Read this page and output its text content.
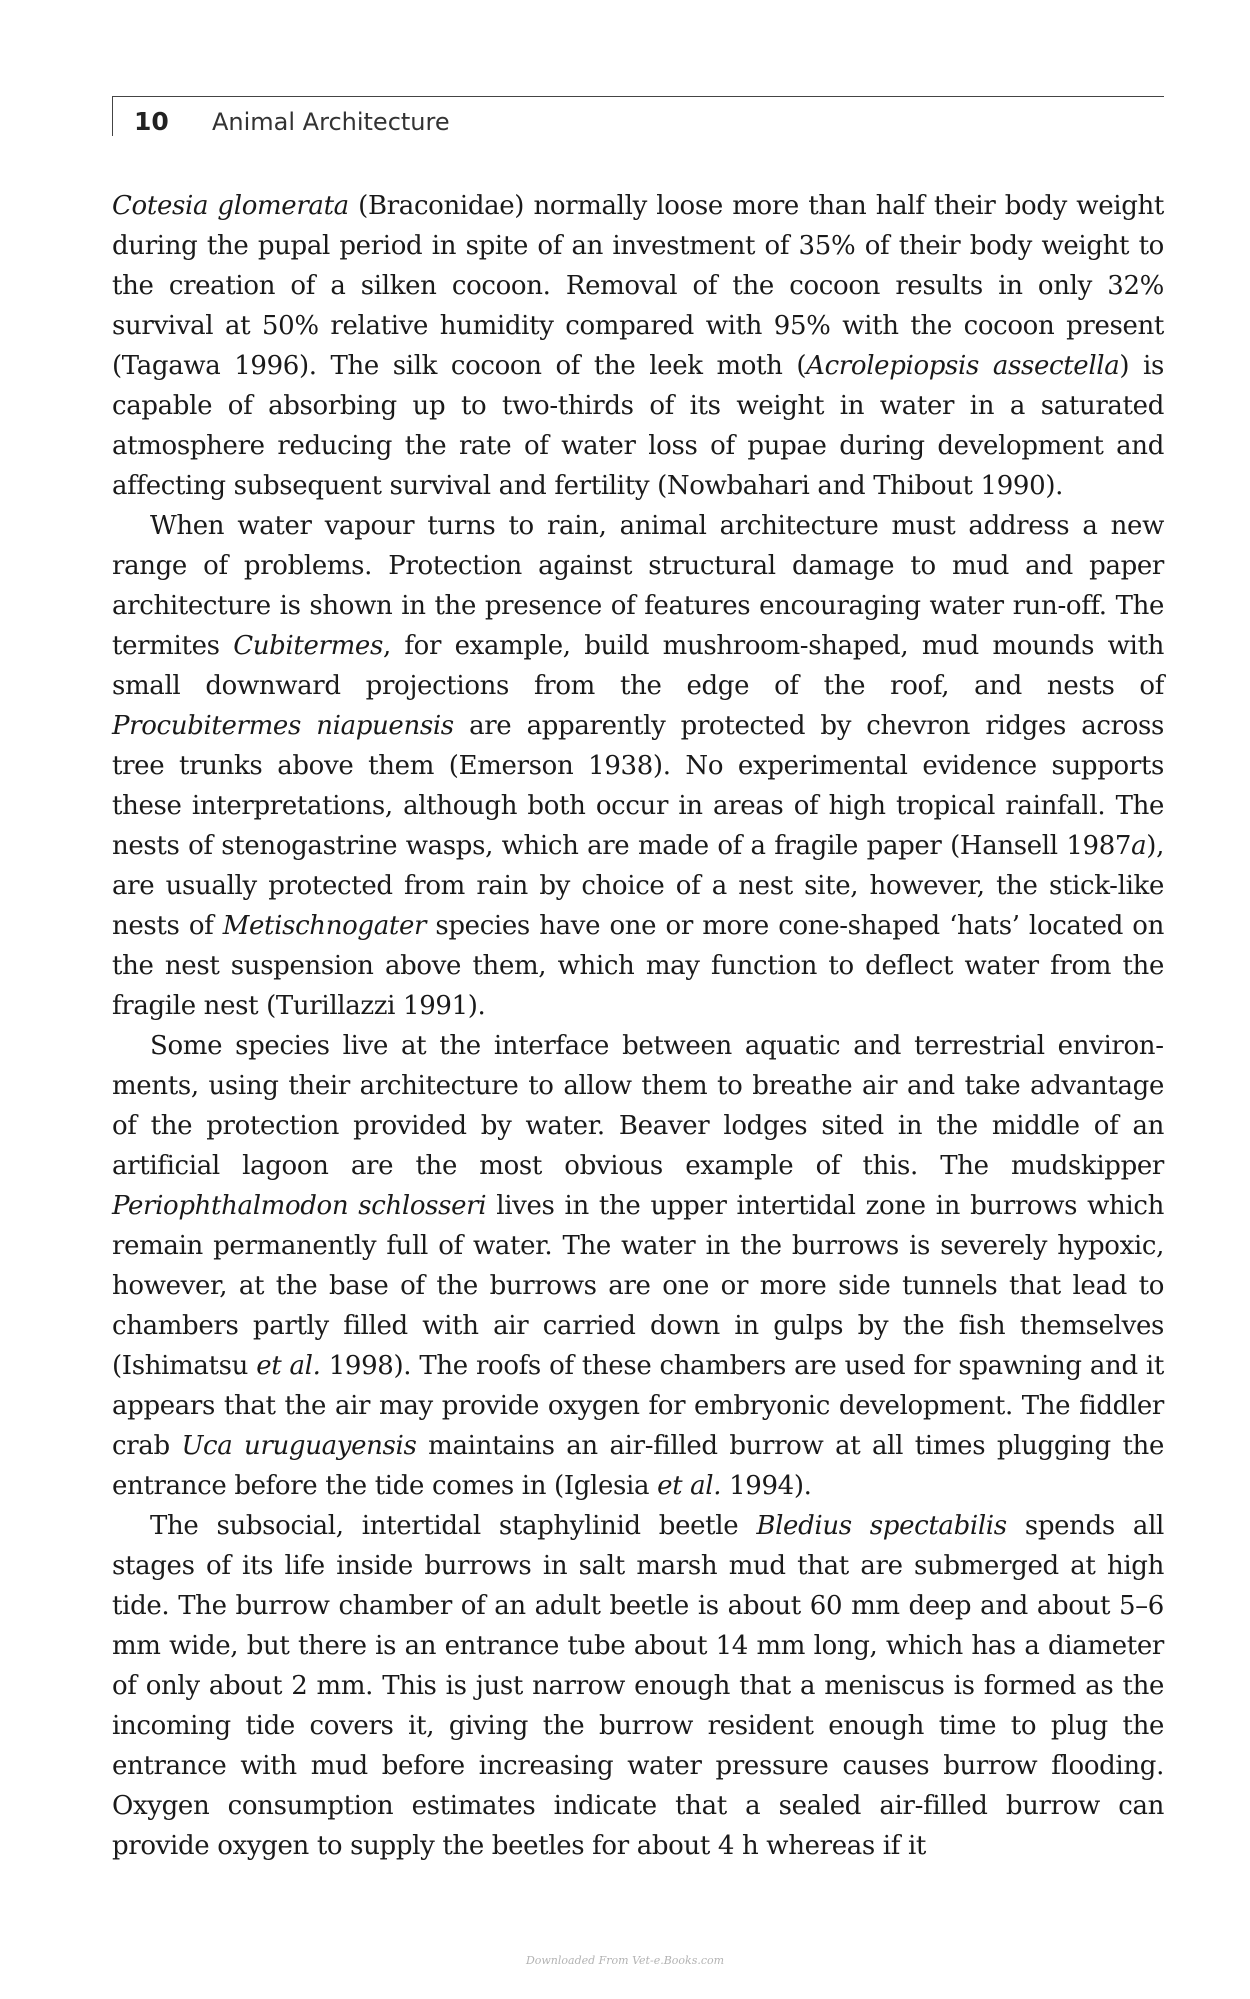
10 Animal Architecture

Cotesia glomerata (Braconidae) normally loose more than half their body weight during the pupal period in spite of an investment of 35% of their body weight to the creation of a silken cocoon. Removal of the cocoon results in only 32% survival at 50% relative humidity compared with 95% with the cocoon present (Tagawa 1996). The silk cocoon of the leek moth (Acrolepiopsis assectella) is capable of absorbing up to two-thirds of its weight in water in a saturated atmosphere reducing the rate of water loss of pupae during development and affecting subsequent survival and fertility (Nowbahari and Thibout 1990).

When water vapour turns to rain, animal architecture must address a new range of problems. Protection against structural damage to mud and paper architecture is shown in the presence of features encouraging water run-off. The termites Cubitermes, for example, build mushroom-shaped, mud mounds with small downward projections from the edge of the roof, and nests of Procubitermes niapuensis are apparently protected by chevron ridges across tree trunks above them (Emerson 1938). No experimental evidence supports these interpretations, although both occur in areas of high tropical rainfall. The nests of stenogastrine wasps, which are made of a fragile paper (Hansell 1987a), are usually protected from rain by choice of a nest site, however, the stick-like nests of Metischnogater species have one or more cone-shaped ‘hats’ located on the nest suspension above them, which may function to deflect water from the fragile nest (Turillazzi 1991).

Some species live at the interface between aquatic and terrestrial environments, using their architecture to allow them to breathe air and take advantage of the protection provided by water. Beaver lodges sited in the middle of an artificial lagoon are the most obvious example of this. The mudskipper Periophthalmodon schlosseri lives in the upper intertidal zone in burrows which remain permanently full of water. The water in the burrows is severely hypoxic, however, at the base of the burrows are one or more side tunnels that lead to chambers partly filled with air carried down in gulps by the fish themselves (Ishimatsu et al. 1998). The roofs of these chambers are used for spawning and it appears that the air may provide oxygen for embryonic development. The fiddler crab Uca uruguayensis maintains an air-filled burrow at all times plugging the entrance before the tide comes in (Iglesia et al. 1994).

The subsocial, intertidal staphylinid beetle Bledius spectabilis spends all stages of its life inside burrows in salt marsh mud that are submerged at high tide. The burrow chamber of an adult beetle is about 60 mm deep and about 5–6 mm wide, but there is an entrance tube about 14 mm long, which has a diameter of only about 2 mm. This is just narrow enough that a meniscus is formed as the incoming tide covers it, giving the burrow resident enough time to plug the entrance with mud before increasing water pressure causes burrow flooding. Oxygen consumption estimates indicate that a sealed air-filled burrow can provide oxygen to supply the beetles for about 4 h whereas if it

Downloaded From Vet-e.Books.com
